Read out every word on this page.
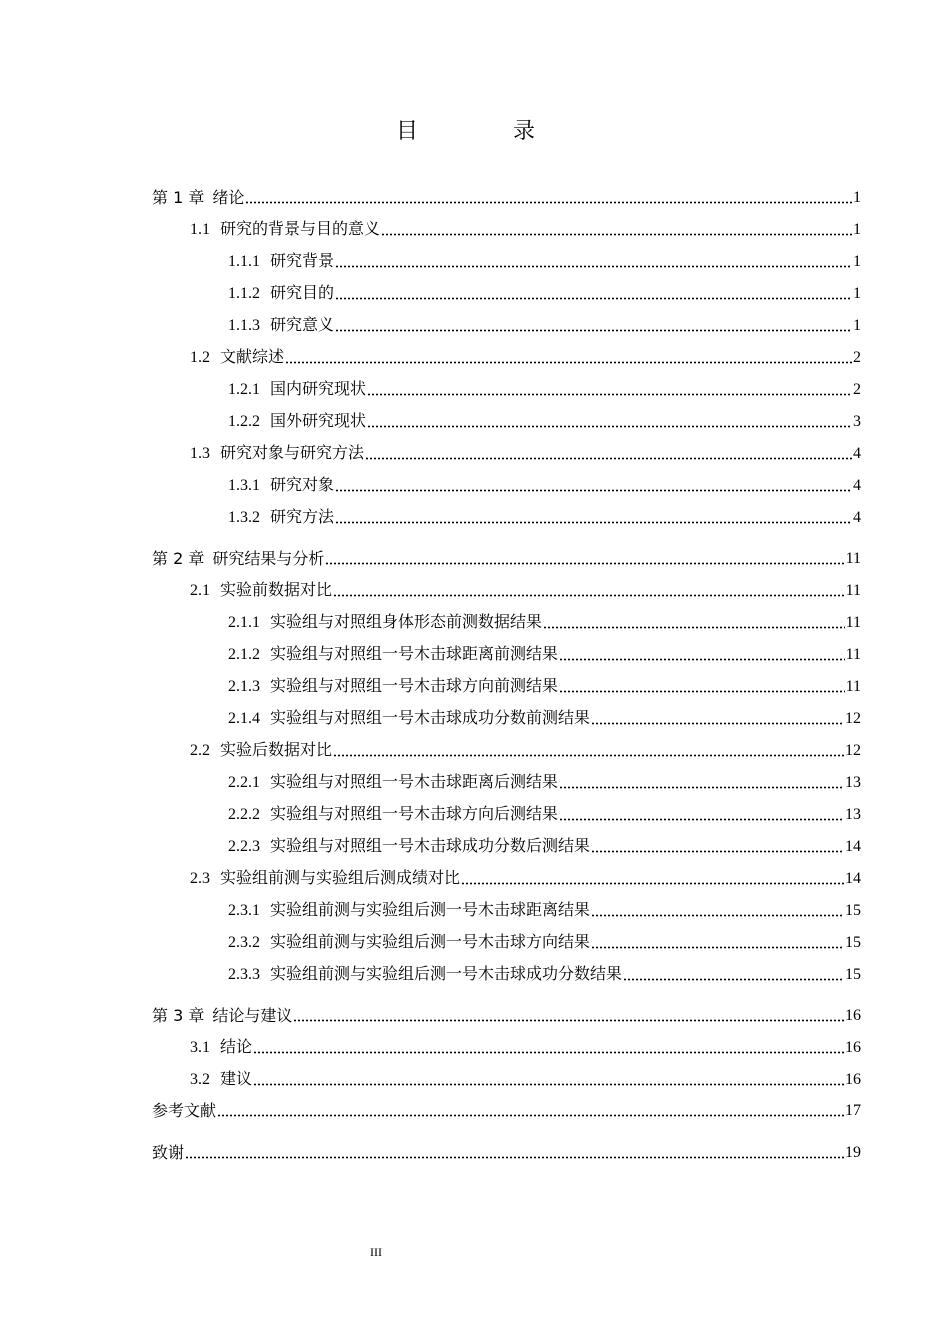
目 录
第 1 章 绪论	1
1.1 研究的背景与目的意义	1
1.1.1 研究背景	1
1.1.2 研究目的	1
1.1.3 研究意义	1
1.2 文献综述	2
1.2.1 国内研究现状	2
1.2.2 国外研究现状	3
1.3 研究对象与研究方法	4
1.3.1 研究对象	4
1.3.2 研究方法	4
第 2 章 研究结果与分析	11
2.1 实验前数据对比	11
2.1.1 实验组与对照组身体形态前测数据结果	11
2.1.2 实验组与对照组一号木击球距离前测结果	11
2.1.3 实验组与对照组一号木击球方向前测结果	11
2.1.4 实验组与对照组一号木击球成功分数前测结果	12
2.2 实验后数据对比	12
2.2.1 实验组与对照组一号木击球距离后测结果	13
2.2.2 实验组与对照组一号木击球方向后测结果	13
2.2.3 实验组与对照组一号木击球成功分数后测结果	14
2.3 实验组前测与实验组后测成绩对比	14
2.3.1 实验组前测与实验组后测一号木击球距离结果	15
2.3.2 实验组前测与实验组后测一号木击球方向结果	15
2.3.3 实验组前测与实验组后测一号木击球成功分数结果	15
第 3 章 结论与建议	16
3.1 结论	16
3.2 建议	16
参考文献	17
致谢	19
III
